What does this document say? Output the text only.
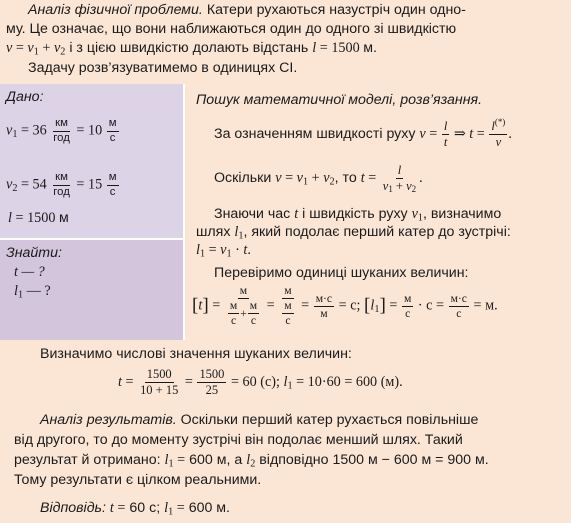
Аналіз фізичної проблеми. Катери рухаються назустріч один одно-
му. Це означає, що вони наближаються один до одного зі швидкістю
$v = v_1 + v_2$ і з цією швидкістю долають відстань l = 1500 м.
Задачу розв’язуватимемо в одиницях СІ.
Дано:
$v_1 = 36 \frac{км}{\text{год}} = 10 \frac{м}{с}$
$v_2 = 54 \frac{км}{\text{год}} = 15 \frac{м}{с}$
l = 1500 м
Знайти:
t — ?
$l_1$ — ?
Пошук математичної моделі, розв’язання.
За означенням швидкості руху $v = \frac{l}{t}$ ⇒ $t = \frac{l^{(*)}}{v}$ .
Оскільки $v = v_1 + v_2$, то $t = \frac{l}{v_1 + v_2}$ .
Знаючи час t і швидкість руху $v_1$, визначимо
шлях $l_1$, який подолає перший катер до зустрічі:
$l_1 = v_1 \cdot t$.
Перевіримо одиниці шуканих величин:
$[t] = \frac{м}{\frac{м}{с} + \frac{м}{с}} = \frac{м}{\frac{м}{с}} = \frac{м\cdot с}{м} = с$; $[l_1] = \frac{м}{с} \cdot с = \frac{м\cdot с}{с} = м$.
Визначимо числові значення шуканих величин:
$t = \frac{1500}{10 + 15} = \frac{1500}{25} = 60$ (с); $l_1 = 10\cdot 60 = 600$ (м).
Аналіз результатів. Оскільки перший катер рухається повільніше
від другого, то до моменту зустрічі він подолає менший шлях. Такий
результат й отримано: $l_1 = 600$ м, а $l_2$ відповідно 1500 м − 600 м = 900 м.
Тому результати є цілком реальними.
Відповідь: t = 60 с; $l_1 = 600$ м.
